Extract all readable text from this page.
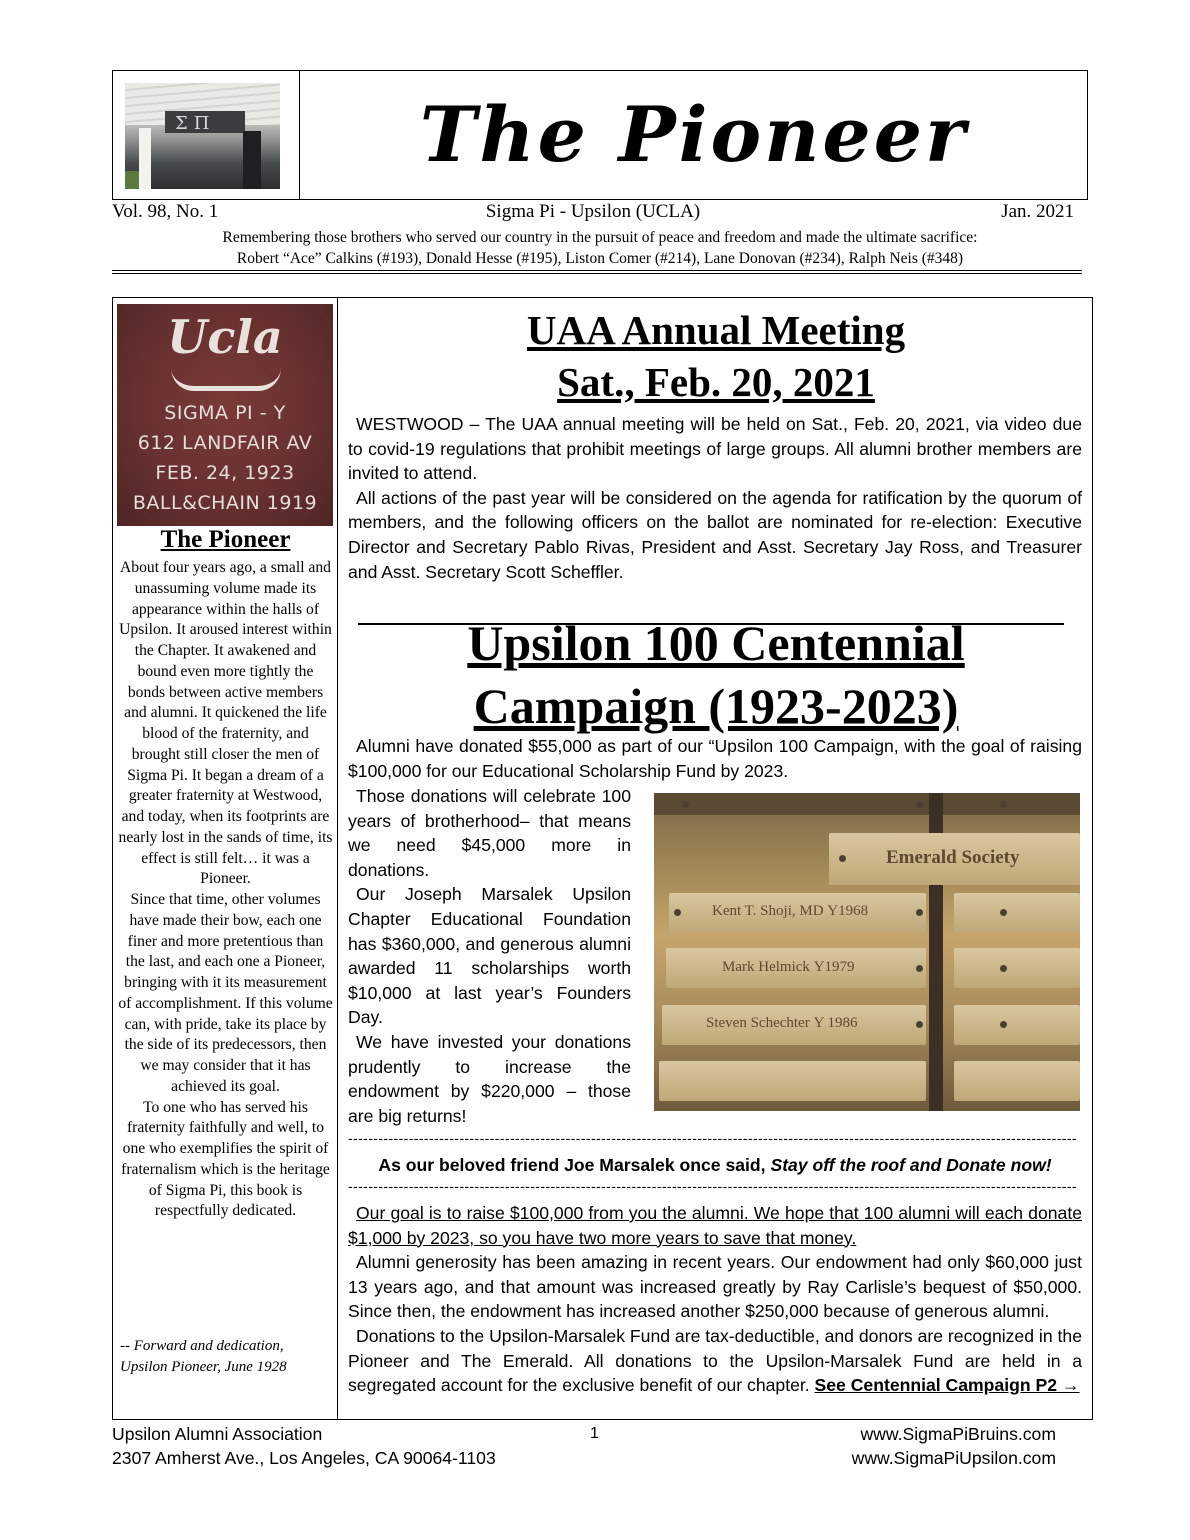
ΣΠ	The Pioneer
Vol. 98, No. 1	Sigma Pi - Upsilon (UCLA)	Jan. 2021
Remembering those brothers who served our country in the pursuit of peace and freedom and made the ultimate sacrifice:
Robert “Ace” Calkins (#193), Donald Hesse (#195), Liston Comer (#214), Lane Donovan (#234), Ralph Neis (#348)
Ucla
SIGMA PI - Y
612 LANDFAIR AV
FEB. 24, 1923
BALL&CHAIN 1919
The Pioneer

About four years ago, a small and unassuming volume made its appearance within the halls of Upsilon. It aroused interest within the Chapter. It awakened and bound even more tightly the bonds between active members and alumni. It quickened the life blood of the fraternity, and brought still closer the men of Sigma Pi. It began a dream of a greater fraternity at Westwood, and today, when its footprints are nearly lost in the sands of time, its effect is still felt… it was a Pioneer.

Since that time, other volumes have made their bow, each one finer and more pretentious than the last, and each one a Pioneer, bringing with it its measurement of accomplishment. If this volume can, with pride, take its place by the side of its predecessors, then we may consider that it has achieved its goal.

To one who has served his fraternity faithfully and well, to one who exemplifies the spirit of fraternalism which is the heritage of Sigma Pi, this book is respectfully dedicated.

-- Forward and dedication,
Upsilon Pioneer, June 1928
UAA Annual Meeting
Sat., Feb. 20, 2021

WESTWOOD – The UAA annual meeting will be held on Sat., Feb. 20, 2021, via video due to covid-19 regulations that prohibit meetings of large groups. All alumni brother members are invited to attend.

All actions of the past year will be considered on the agenda for ratification by the quorum of members, and the following officers on the ballot are nominated for re-election: Executive Director and Secretary Pablo Rivas, President and Asst. Secretary Jay Ross, and Treasurer and Asst. Secretary Scott Scheffler.

Upsilon 100 Centennial
Campaign (1923-2023)

Alumni have donated $55,000 as part of our “Upsilon 100 Campaign, with the goal of raising $100,000 for our Educational Scholarship Fund by 2023.

Those donations will celebrate 100 years of brotherhood– that means we need $45,000 more in donations.

Our Joseph Marsalek Upsilon Chapter Educational Foundation has $360,000, and generous alumni awarded 11 scholarships worth $10,000 at last year’s Founders Day.

We have invested your donations prudently to increase the endowment by $220,000 – those are big returns!

Emerald Society
Kent T. Shoji, MD Υ1968
Mark Helmick Υ1979
Steven Schechter Υ 1986
------------------------------------------------------------------------------------------------------------------------------------------------
As our beloved friend Joe Marsalek once said, Stay off the roof and Donate now!
------------------------------------------------------------------------------------------------------------------------------------------------

Our goal is to raise $100,000 from you the alumni. We hope that 100 alumni will each donate $1,000 by 2023, so you have two more years to save that money.

Alumni generosity has been amazing in recent years. Our endowment had only $60,000 just 13 years ago, and that amount was increased greatly by Ray Carlisle’s bequest of $50,000. Since then, the endowment has increased another $250,000 because of generous alumni.

Donations to the Upsilon-Marsalek Fund are tax-deductible, and donors are recognized in the Pioneer and The Emerald. All donations to the Upsilon-Marsalek Fund are held in a segregated account for the exclusive benefit of our chapter. See Centennial Campaign P2 →

Upsilon Alumni Association
2307 Amherst Ave., Los Angeles, CA 90064-1103
1	www.SigmaPiBruins.com
www.SigmaPiUpsilon.com
